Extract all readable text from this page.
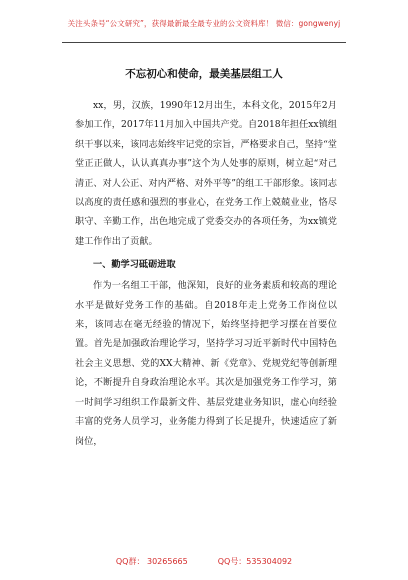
关注头条号“公文研究”，获得最新最全最专业的公文资料库！ 微信：gongwenyj
不忘初心和使命，最美基层组工人

xx，男，汉族，1990年12月出生，本科文化，2015年2月参加工作，2017年11月加入中国共产党。自2018年担任xx镇组织干事以来，该同志始终牢记党的宗旨，严格要求自己，坚持“堂堂正正做人，认认真真办事”这个为人处事的原则，树立起“对己清正、对人公正、对内严格、对外平等”的组工干部形象。该同志以高度的责任感和强烈的事业心，在党务工作上兢兢业业，恪尽职守、辛勤工作，出色地完成了党委交办的各项任务，为xx镇党建工作作出了贡献。

一、勤学习砥砺进取

作为一名组工干部，他深知，良好的业务素质和较高的理论水平是做好党务工作的基础。自2018年走上党务工作岗位以来，该同志在毫无经验的情况下，始终坚持把学习摆在首要位置。首先是加强政治理论学习，坚持学习习近平新时代中国特色社会主义思想、党的XX大精神、新《党章》、党规党纪等创新理论，不断提升自身政治理论水平。其次是加强党务工作学习，第一时间学习组织工作最新文件、基层党建业务知识，虚心向经验丰富的党务人员学习，业务能力得到了长足提升，快速适应了新岗位，

QQ群： 30265665	QQ号：535304092
